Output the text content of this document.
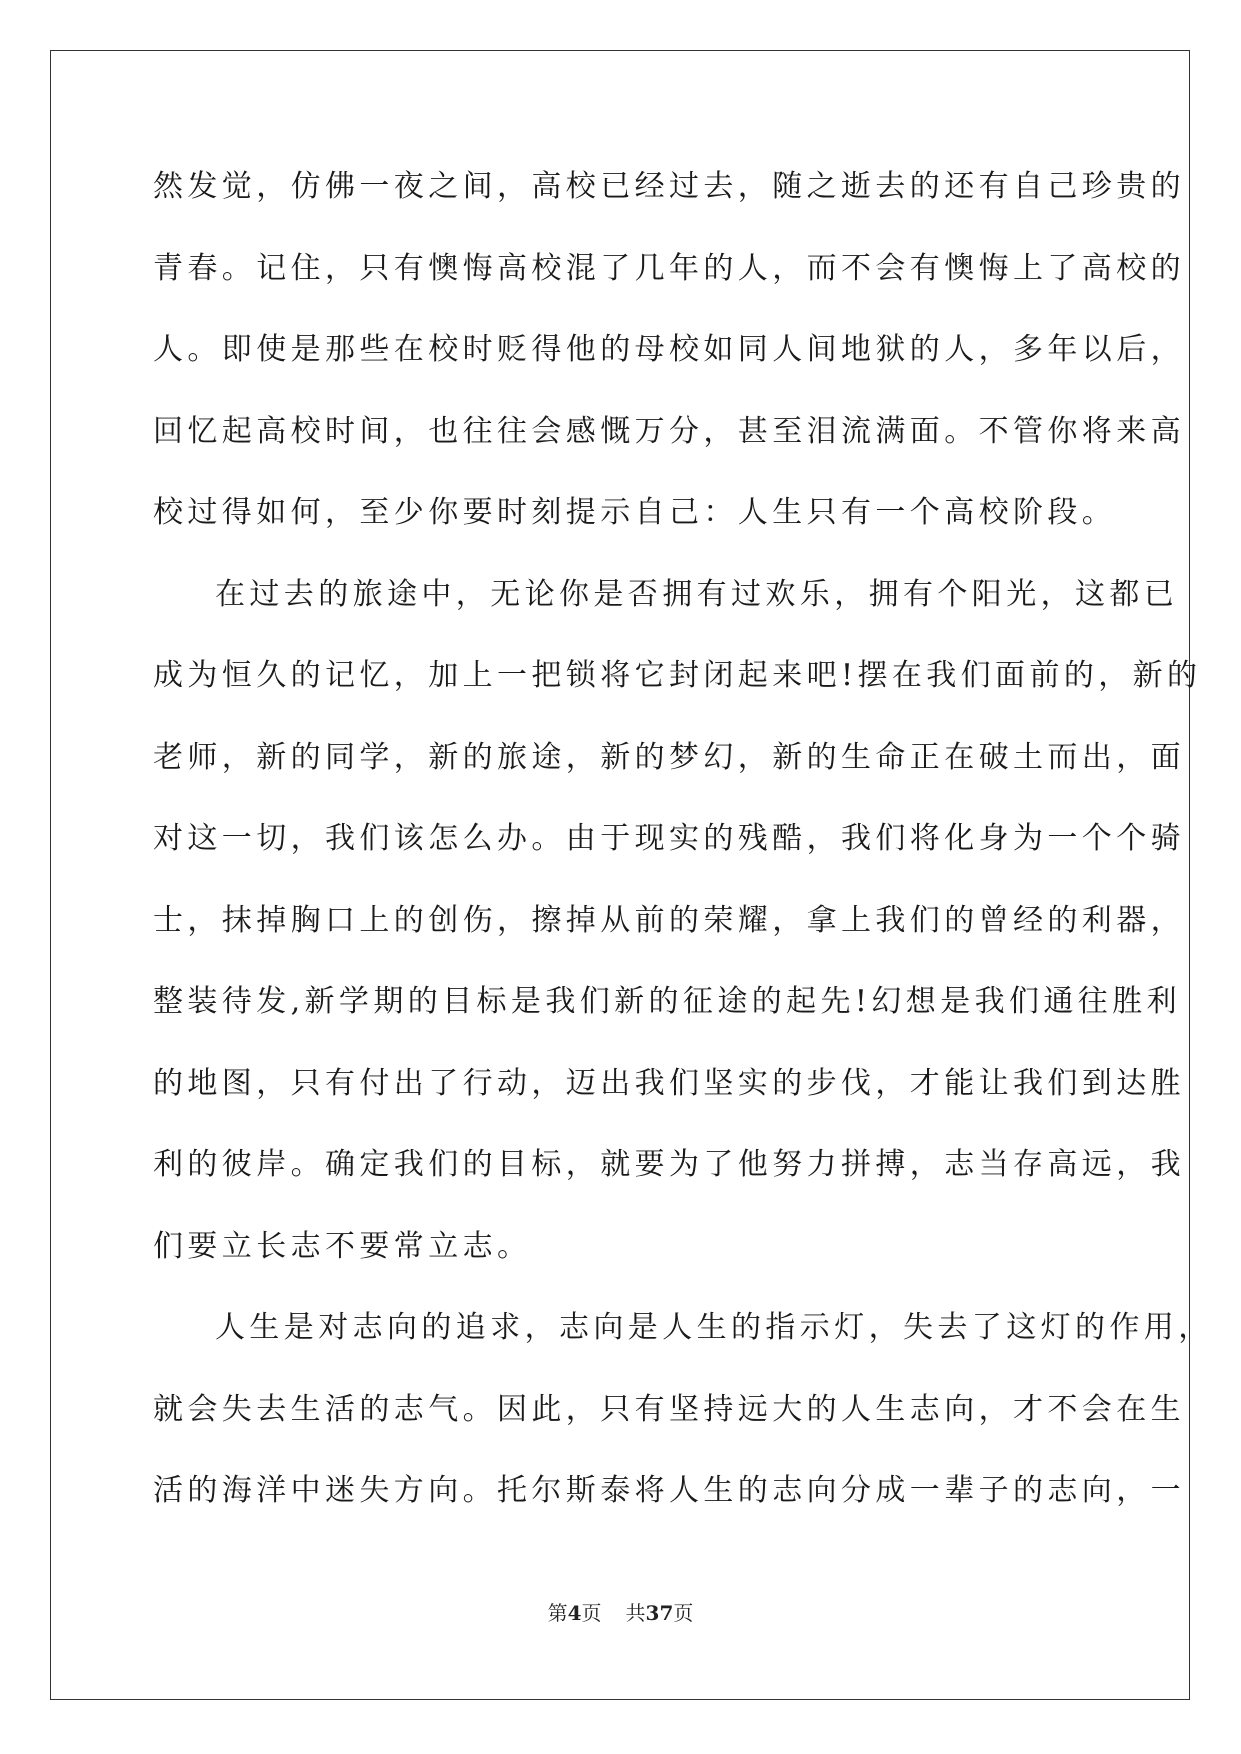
然发觉，仿佛一夜之间，高校已经过去，随之逝去的还有自己珍贵的
青春。记住，只有懊悔高校混了几年的人，而不会有懊悔上了高校的
人。即使是那些在校时贬得他的母校如同人间地狱的人，多年以后，
回忆起高校时间，也往往会感慨万分，甚至泪流满面。不管你将来高
校过得如何，至少你要时刻提示自己：人生只有一个高校阶段。
在过去的旅途中，无论你是否拥有过欢乐，拥有个阳光，这都已
成为恒久的记忆，加上一把锁将它封闭起来吧!摆在我们面前的，新的
老师，新的同学，新的旅途，新的梦幻，新的生命正在破土而出，面
对这一切，我们该怎么办。由于现实的残酷，我们将化身为一个个骑
士，抹掉胸口上的创伤，擦掉从前的荣耀，拿上我们的曾经的利器，
整装待发,新学期的目标是我们新的征途的起先!幻想是我们通往胜利
的地图，只有付出了行动，迈出我们坚实的步伐，才能让我们到达胜
利的彼岸。确定我们的目标，就要为了他努力拼搏，志当存高远，我
们要立长志不要常立志。
人生是对志向的追求，志向是人生的指示灯，失去了这灯的作用，
就会失去生活的志气。因此，只有坚持远大的人生志向，才不会在生
活的海洋中迷失方向。托尔斯泰将人生的志向分成一辈子的志向，一
第4页 共37页
